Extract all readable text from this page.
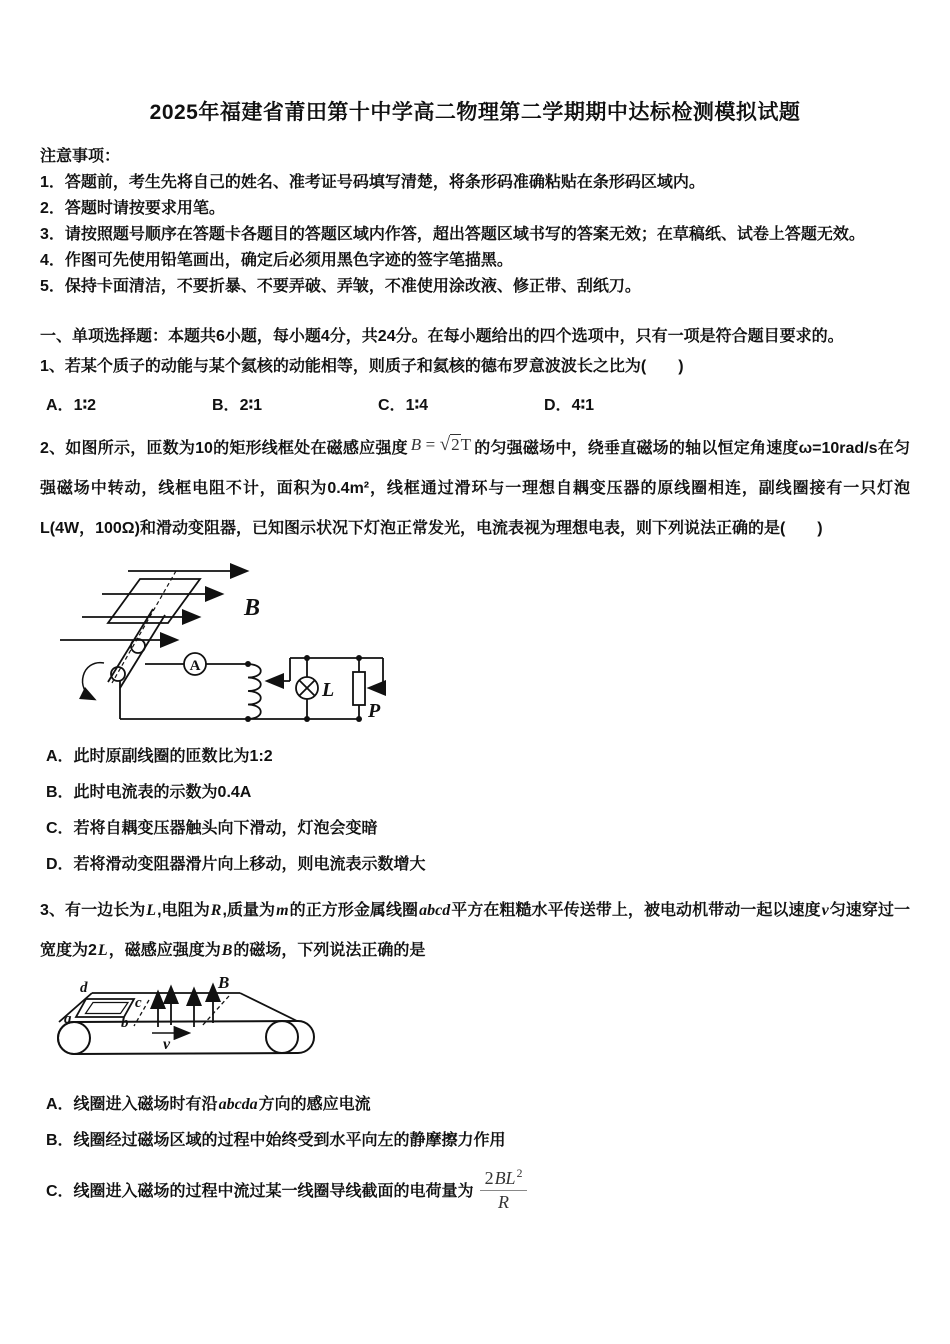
2025年福建省莆田第十中学高二物理第二学期期中达标检测模拟试题

注意事项：

1．答题前，考生先将自己的姓名、准考证号码填写清楚，将条形码准确粘贴在条形码区域内。

2．答题时请按要求用笔。

3．请按照题号顺序在答题卡各题目的答题区域内作答，超出答题区域书写的答案无效；在草稿纸、试卷上答题无效。

4．作图可先使用铅笔画出，确定后必须用黑色字迹的签字笔描黑。

5．保持卡面清洁，不要折暴、不要弄破、弄皱，不准使用涂改液、修正带、刮纸刀。

一、单项选择题：本题共6小题，每小题4分，共24分。在每小题给出的四个选项中，只有一项是符合题目要求的。

1、若某个质子的动能与某个氦核的动能相等，则质子和氦核的德布罗意波波长之比为(　　)

A．1∶2	B．2∶1	C．1∶4	D．4∶1

2、如图所示，匝数为10的矩形线框处在磁感应强度 B = √2T 的匀强磁场中，绕垂直磁场的轴以恒定角速度ω=10rad/s在匀强磁场中转动，线框电阻不计，面积为0.4m²，线框通过滑环与一理想自耦变压器的原线圈相连，副线圈接有一只灯泡L(4W，100Ω)和滑动变阻器，已知图示状况下灯泡正常发光，电流表视为理想电表，则下列说法正确的是(　　)

B
A
L
P

A．此时原副线圈的匝数比为1:2

B．此时电流表的示数为0.4A

C．若将自耦变压器触头向下滑动，灯泡会变暗

D．若将滑动变阻器滑片向上移动，则电流表示数增大

3、有一边长为L,电阻为R,质量为m的正方形金属线圈abcd平方在粗糙水平传送带上，被电动机带动一起以速度v匀速穿过一宽度为2L，磁感应强度为B的磁场，下列说法正确的是

d
a
c
b
B
v

A．线圈进入磁场时有沿abcda方向的感应电流

B．线圈经过磁场区域的过程中始终受到水平向左的静摩擦力作用

C．线圈进入磁场的过程中流过某一线圈导线截面的电荷量为 $\frac{2BL^2}{R}$
